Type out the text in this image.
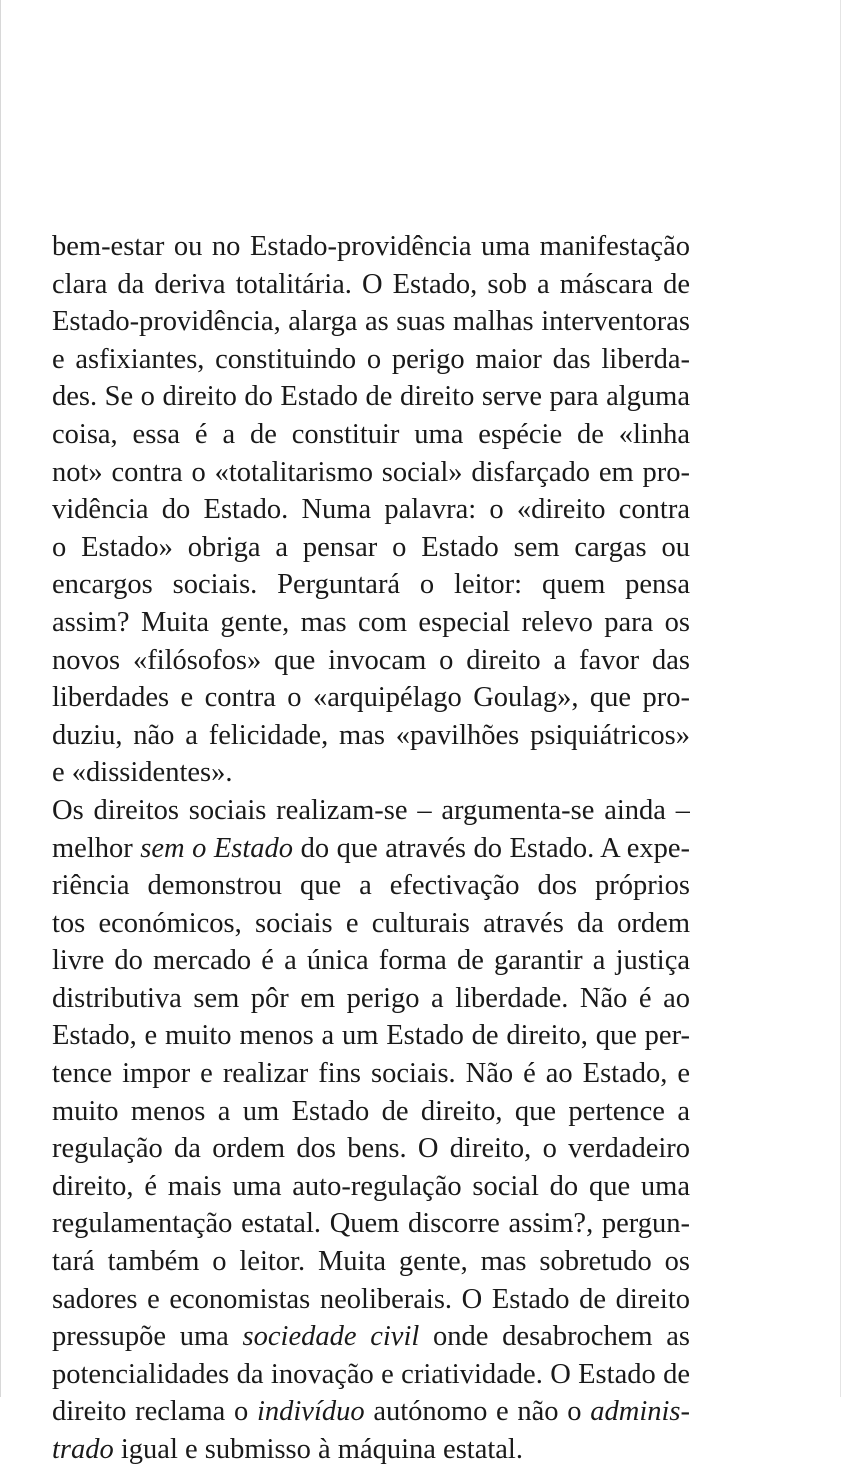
bem-estar ou no Estado-providência uma manifestação
clara da deriva totalitária. O Estado, sob a máscara de
Estado-providência, alarga as suas malhas interventoras
e asfixiantes, constituindo o perigo maior das liberda-
des. Se o direito do Estado de direito serve para alguma
coisa, essa é a de constituir uma espécie de «linha
not» contra o «totalitarismo social» disfarçado em pro-
vidência do Estado. Numa palavra: o «direito contra
o Estado» obriga a pensar o Estado sem cargas ou
encargos sociais. Perguntará o leitor: quem pensa
assim? Muita gente, mas com especial relevo para os
novos «filósofos» que invocam o direito a favor das
liberdades e contra o «arquipélago Goulag», que pro-
duziu, não a felicidade, mas «pavilhões psiquiátricos»
e «dissidentes».
Os direitos sociais realizam-se – argumenta-se ainda –
melhor sem o Estado do que através do Estado. A expe-
riência demonstrou que a efectivação dos próprios
tos económicos, sociais e culturais através da ordem
livre do mercado é a única forma de garantir a justiça
distributiva sem pôr em perigo a liberdade. Não é ao
Estado, e muito menos a um Estado de direito, que per-
tence impor e realizar fins sociais. Não é ao Estado, e
muito menos a um Estado de direito, que pertence a
regulação da ordem dos bens. O direito, o verdadeiro
direito, é mais uma auto-regulação social do que uma
regulamentação estatal. Quem discorre assim?, pergun-
tará também o leitor. Muita gente, mas sobretudo os
sadores e economistas neoliberais. O Estado de direito
pressupõe uma sociedade civil onde desabrochem as
potencialidades da inovação e criatividade. O Estado de
direito reclama o indivíduo autónomo e não o adminis-
trado igual e submisso à máquina estatal.
